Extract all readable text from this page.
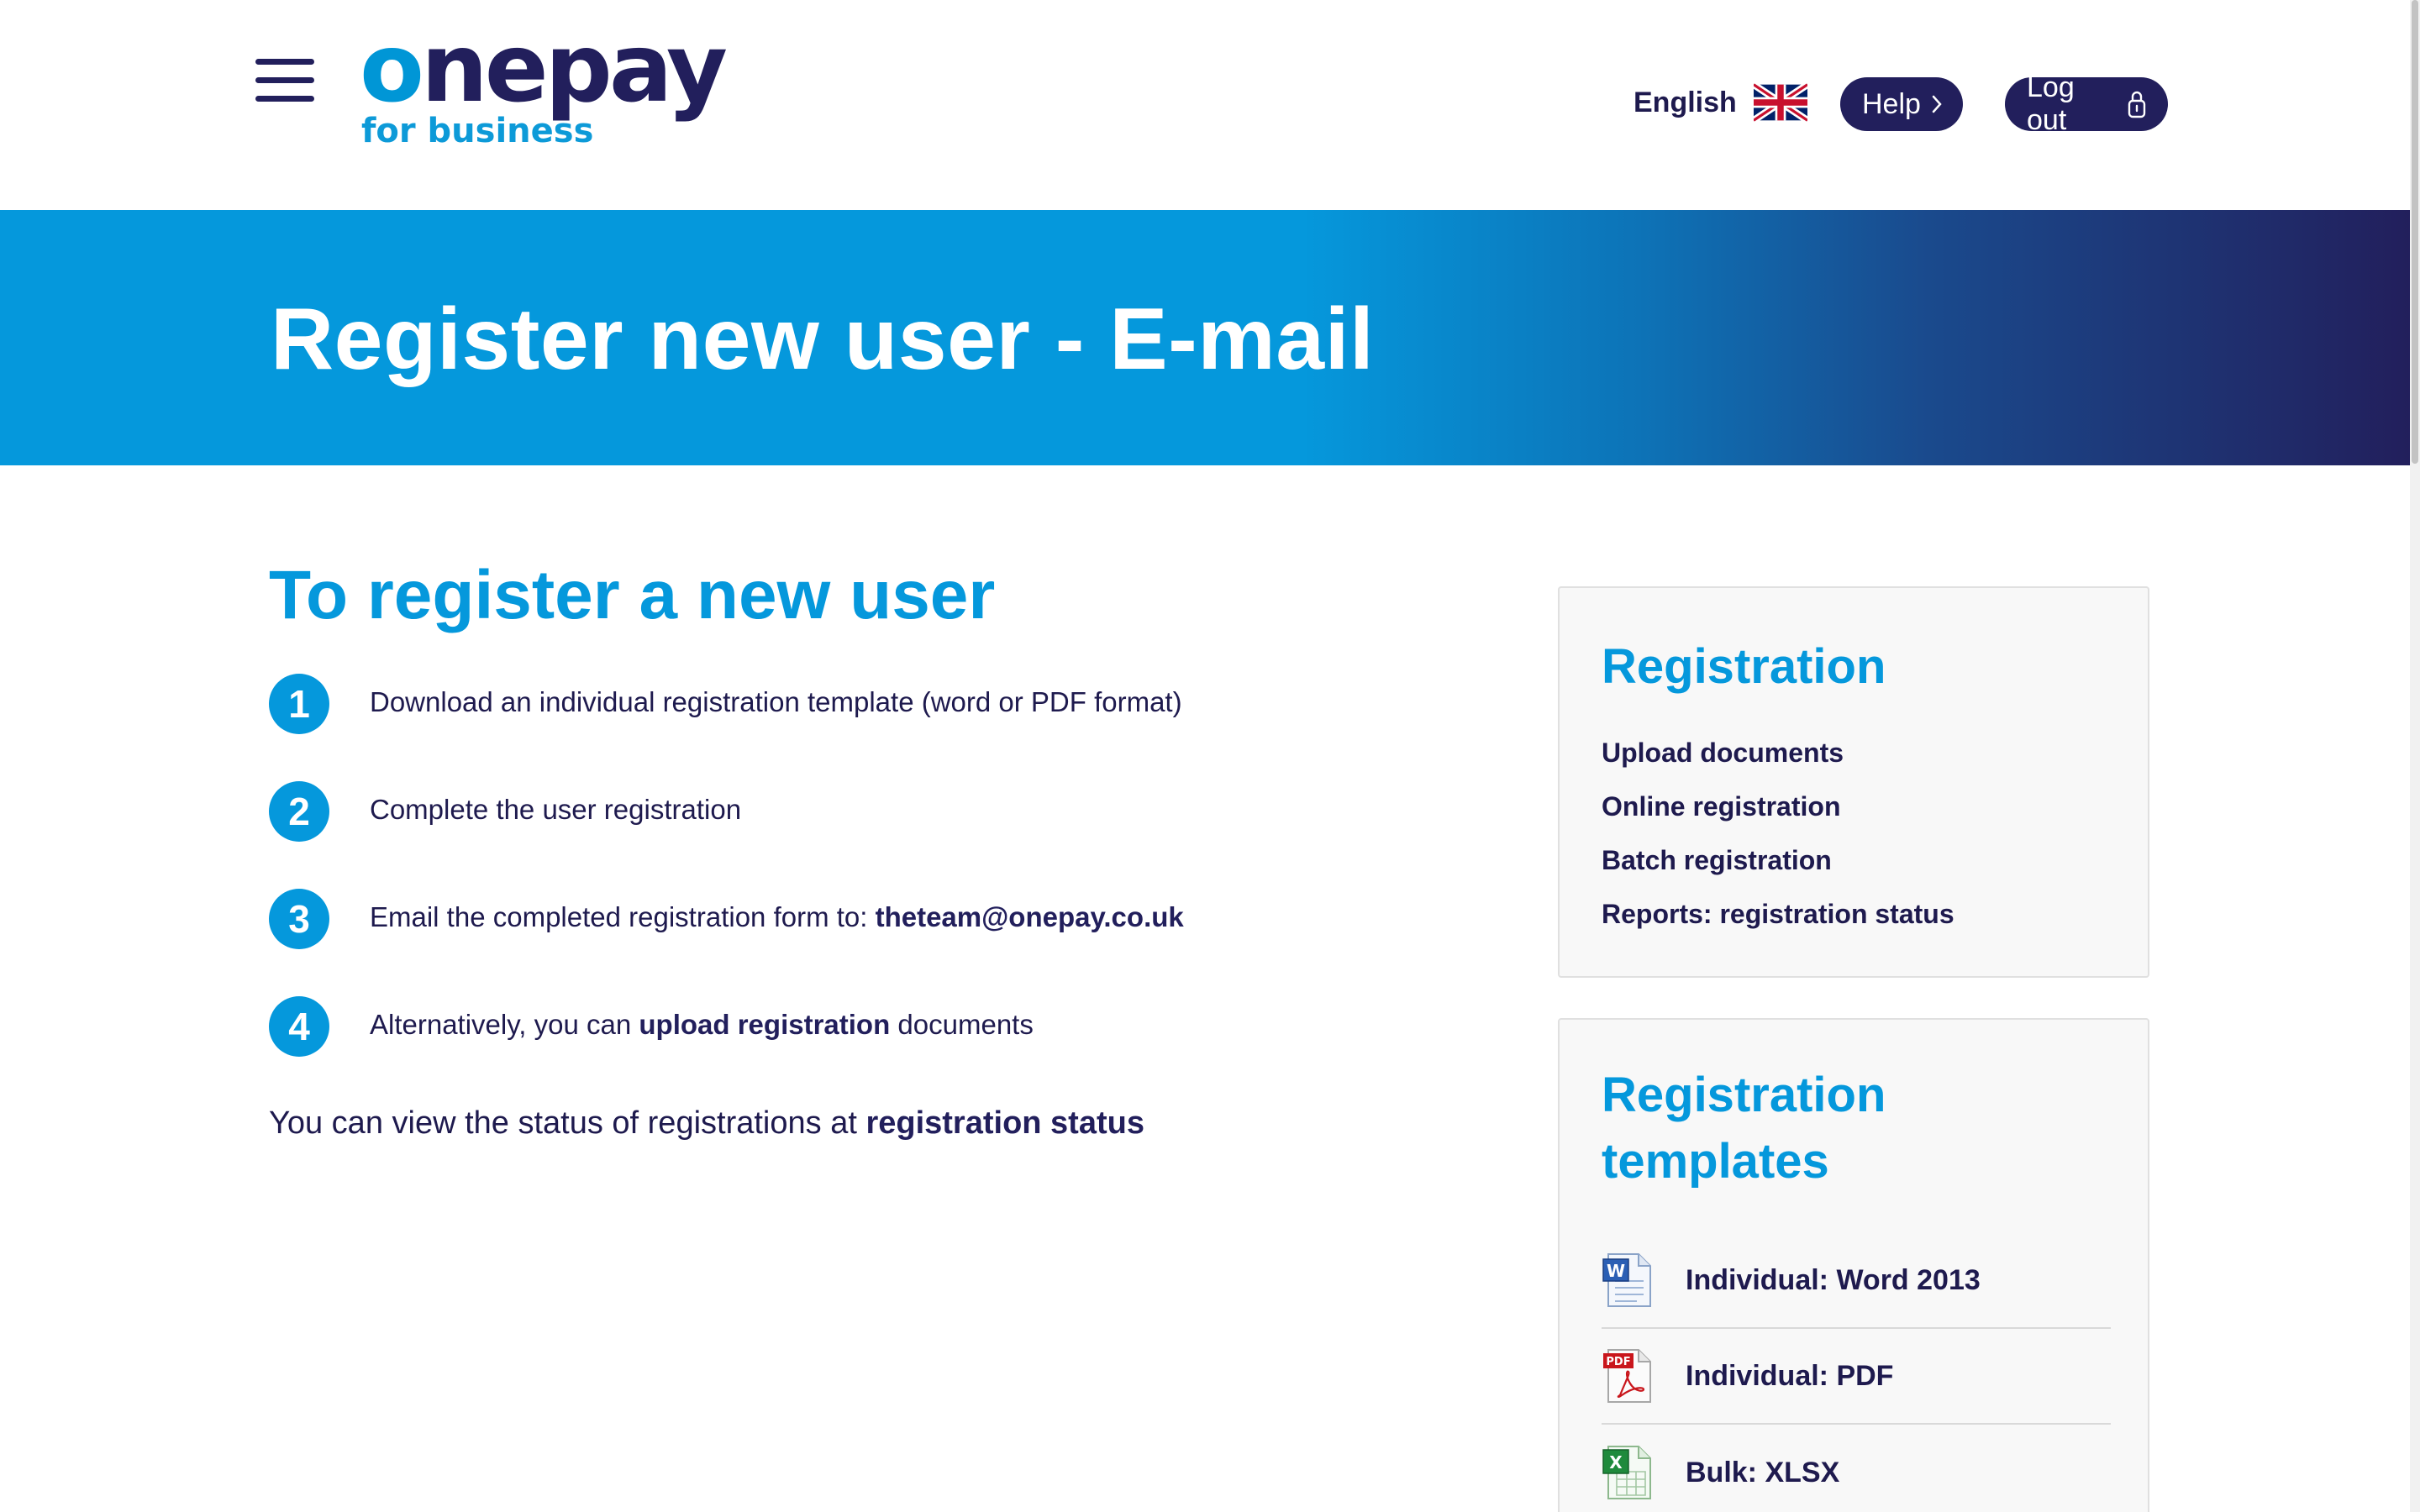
onepay
for business
English	Help
Log out
Register new user - E-mail
To register a new user
1	Download an individual registration template (word or PDF format)
2	Complete the user registration
3	Email the completed registration form to: theteam@onepay.co.uk
4	Alternatively, you can upload registration documents

You can view the status of registrations at registration status

Registration
Upload documents
Online registration
Batch registration
Reports: registration status
Registration templates
W Individual: Word 2013
PDF Individual: PDF
X Bulk: XLSX
